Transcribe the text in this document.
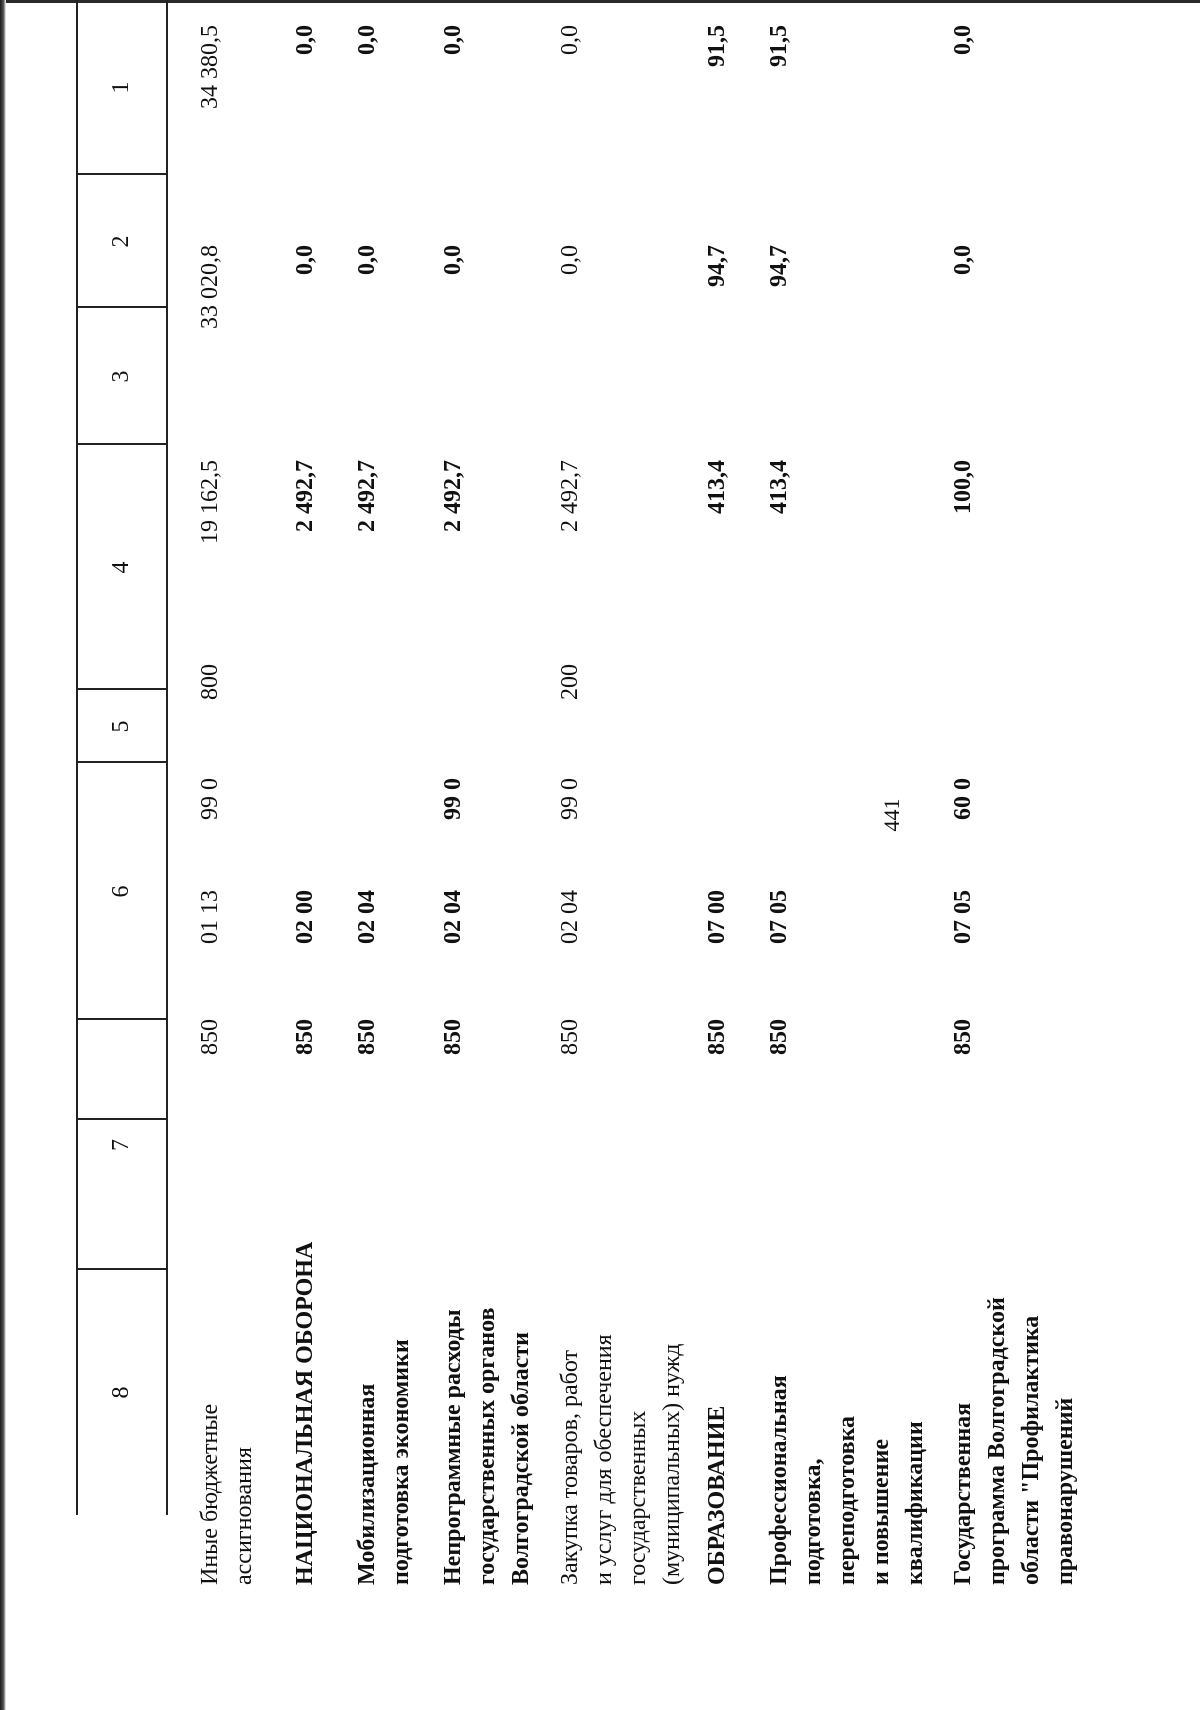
441
1
2
3
4
5
6
7
8
Иные бюджетные
ассигнования
850
01 13
99 0
800
19 162,5
33 020,8
34 380,5
НАЦИОНАЛЬНАЯ ОБОРОНА
850
02 00
2 492,7
0,0
0,0
Мобилизационная
подготовка экономики
850
02 04
2 492,7
0,0
0,0
Непрограммные расходы
государственных органов
Волгоградской области
850
02 04
99 0
2 492,7
0,0
0,0
Закупка товаров, работ
и услуг для обеспечения
государственных
(муниципальных) нужд
850
02 04
99 0
200
2 492,7
0,0
0,0
ОБРАЗОВАНИЕ
850
07 00
413,4
94,7
91,5
Профессиональная
подготовка,
переподготовка
и повышение
квалификации
850
07 05
413,4
94,7
91,5
Государственная
программа Волгоградской
области "Профилактика
правонарушений
850
07 05
60 0
100,0
0,0
0,0
